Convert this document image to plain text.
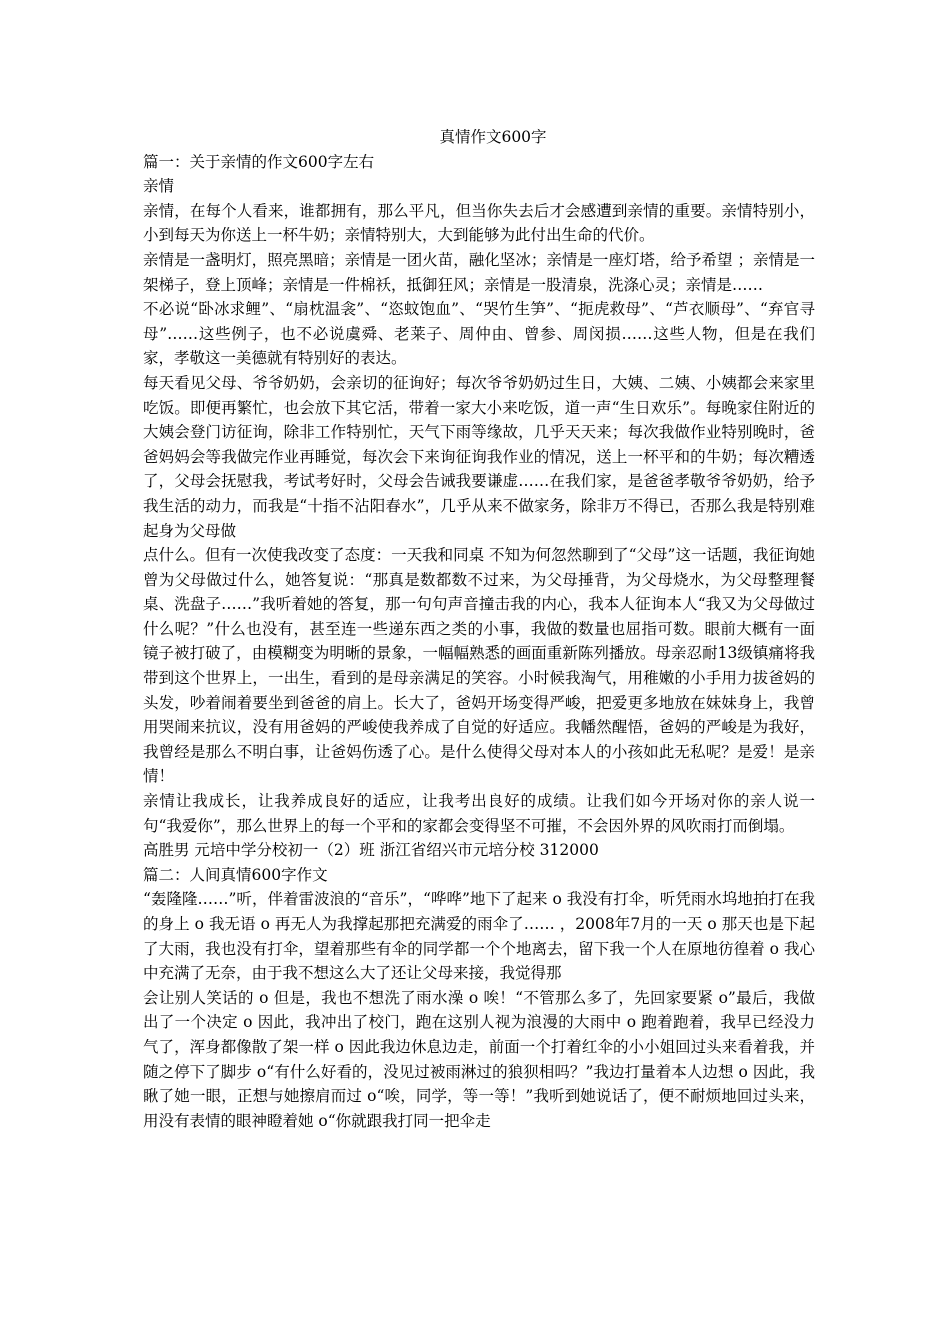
真情作文600字
篇一：关于亲情的作文600字左右
亲情
亲情，在每个人看来，谁都拥有，那么平凡，但当你失去后才会感遭到亲情的重要。亲情特别小，小到每天为你送上一杯牛奶；亲情特别大，大到能够为此付出生命的代价。
亲情是一盏明灯，照亮黑暗；亲情是一团火苗，融化坚冰；亲情是一座灯塔，给予希望 ；亲情是一架梯子，登上顶峰；亲情是一件棉袄，抵御狂风；亲情是一股清泉，洗涤心灵；亲情是……
不必说“卧冰求鲤”、“扇枕温衾”、“恣蚊饱血”、“哭竹生笋”、“扼虎救母”、“芦衣顺母”、“弃官寻母”……这些例子，也不必说虞舜、老莱子、周仲由、曾参、周闵损……这些人物，但是在我们家，孝敬这一美德就有特别好的表达。
每天看见父母、爷爷奶奶，会亲切的征询好；每次爷爷奶奶过生日，大姨、二姨、小姨都会来家里吃饭。即便再繁忙，也会放下其它活，带着一家大小来吃饭，道一声“生日欢乐”。每晚家住附近的大姨会登门访征询，除非工作特别忙，天气下雨等缘故，几乎天天来；每次我做作业特别晚时，爸爸妈妈会等我做完作业再睡觉，每次会下来询征询我作业的情况，送上一杯平和的牛奶；每次糟透了，父母会抚慰我，考试考好时，父母会告诫我要谦虚……在我们家，是爸爸孝敬爷爷奶奶，给予我生活的动力，而我是“十指不沾阳春水”，几乎从来不做家务，除非万不得已，否那么我是特别难起身为父母做
点什么。但有一次使我改变了态度：一天我和同桌 不知为何忽然聊到了“父母”这一话题，我征询她曾为父母做过什么，她答复说：“那真是数都数不过来，为父母捶背，为父母烧水，为父母整理餐桌、洗盘子……”我听着她的答复，那一句句声音撞击我的内心，我本人征询本人“我又为父母做过什么呢？”什么也没有，甚至连一些递东西之类的小事，我做的数量也屈指可数。眼前大概有一面镜子被打破了，由模糊变为明晰的景象，一幅幅熟悉的画面重新陈列播放。母亲忍耐13级镇痛将我带到这个世界上，一出生，看到的是母亲满足的笑容。小时候我淘气，用稚嫩的小手用力拔爸妈的头发，吵着闹着要坐到爸爸的肩上。长大了，爸妈开场变得严峻，把爱更多地放在妹妹身上，我曾用哭闹来抗议，没有用爸妈的严峻使我养成了自觉的好适应。我幡然醒悟，爸妈的严峻是为我好，我曾经是那么不明白事，让爸妈伤透了心。是什么使得父母对本人的小孩如此无私呢？是爱！是亲情！
亲情让我成长，让我养成良好的适应，让我考出良好的成绩。让我们如今开场对你的亲人说一句“我爱你”，那么世界上的每一个平和的家都会变得坚不可摧，不会因外界的风吹雨打而倒塌。
高胜男 元培中学分校初一（2）班 浙江省绍兴市元培分校 312000
篇二：人间真情600字作文
“轰隆隆……”听，伴着雷波浪的“音乐”，“哗哗”地下了起来 o 我没有打伞，听凭雨水坞地拍打在我的身上 o 我无语 o 再无人为我撑起那把充满爱的雨伞了…… ，2008年7月的一天 o 那天也是下起了大雨，我也没有打伞，望着那些有伞的同学都一个个地离去，留下我一个人在原地彷徨着 o 我心中充满了无奈，由于我不想这么大了还让父母来接，我觉得那
会让别人笑话的 o 但是，我也不想洗了雨水澡 o 唉！“不管那么多了，先回家要紧 o”最后，我做出了一个决定 o 因此，我冲出了校门，跑在这别人视为浪漫的大雨中 o 跑着跑着，我早已经没力气了，浑身都像散了架一样 o 因此我边休息边走，前面一个打着红伞的小小姐回过头来看着我，并随之停下了脚步 o“有什么好看的，没见过被雨淋过的狼狈相吗？”我边打量着本人边想 o 因此，我瞅了她一眼，正想与她擦肩而过 o“唉，同学，等一等！”我听到她说话了，便不耐烦地回过头来，用没有表情的眼神瞪着她 o“你就跟我打同一把伞走
